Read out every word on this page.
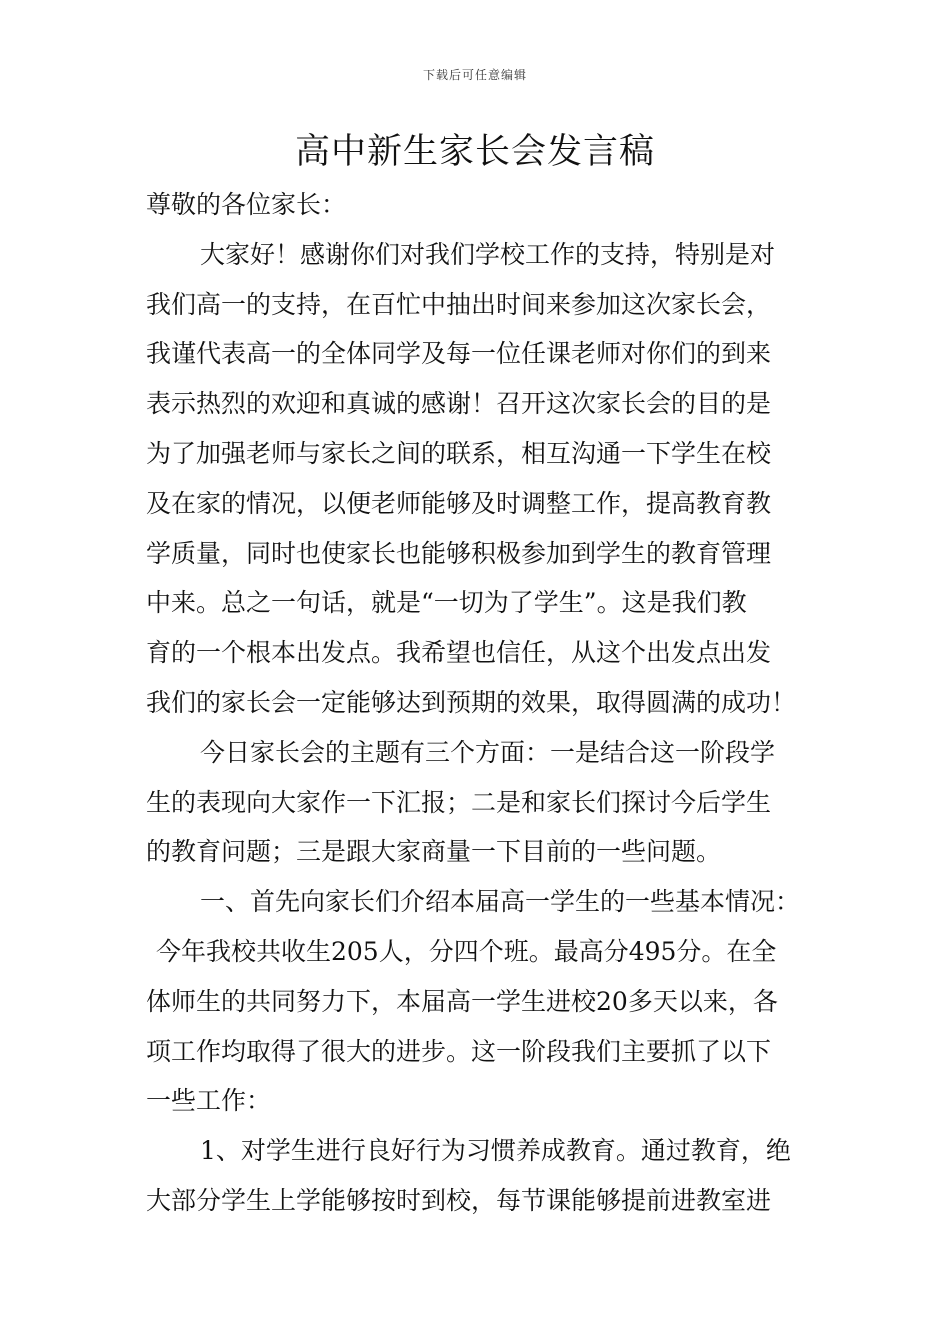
下载后可任意编辑
高中新生家长会发言稿
尊敬的各位家长：
大家好！感谢你们对我们学校工作的支持，特别是对
我们高一的支持，在百忙中抽出时间来参加这次家长会，
我谨代表高一的全体同学及每一位任课老师对你们的到来
表示热烈的欢迎和真诚的感谢！召开这次家长会的目的是
为了加强老师与家长之间的联系，相互沟通一下学生在校
及在家的情况，以便老师能够及时调整工作，提高教育教
学质量，同时也使家长也能够积极参加到学生的教育管理
中来。总之一句话，就是“一切为了学生”。这是我们教
育的一个根本出发点。我希望也信任，从这个出发点出发
我们的家长会一定能够达到预期的效果，取得圆满的成功！
今日家长会的主题有三个方面：一是结合这一阶段学
生的表现向大家作一下汇报；二是和家长们探讨今后学生
的教育问题；三是跟大家商量一下目前的一些问题。
一、首先向家长们介绍本届高一学生的一些基本情况：
今年我校共收生205人，分四个班。最高分495分。在全
体师生的共同努力下，本届高一学生进校20多天以来，各
项工作均取得了很大的进步。这一阶段我们主要抓了以下
一些工作：
1、对学生进行良好行为习惯养成教育。通过教育，绝
大部分学生上学能够按时到校，每节课能够提前进教室进
